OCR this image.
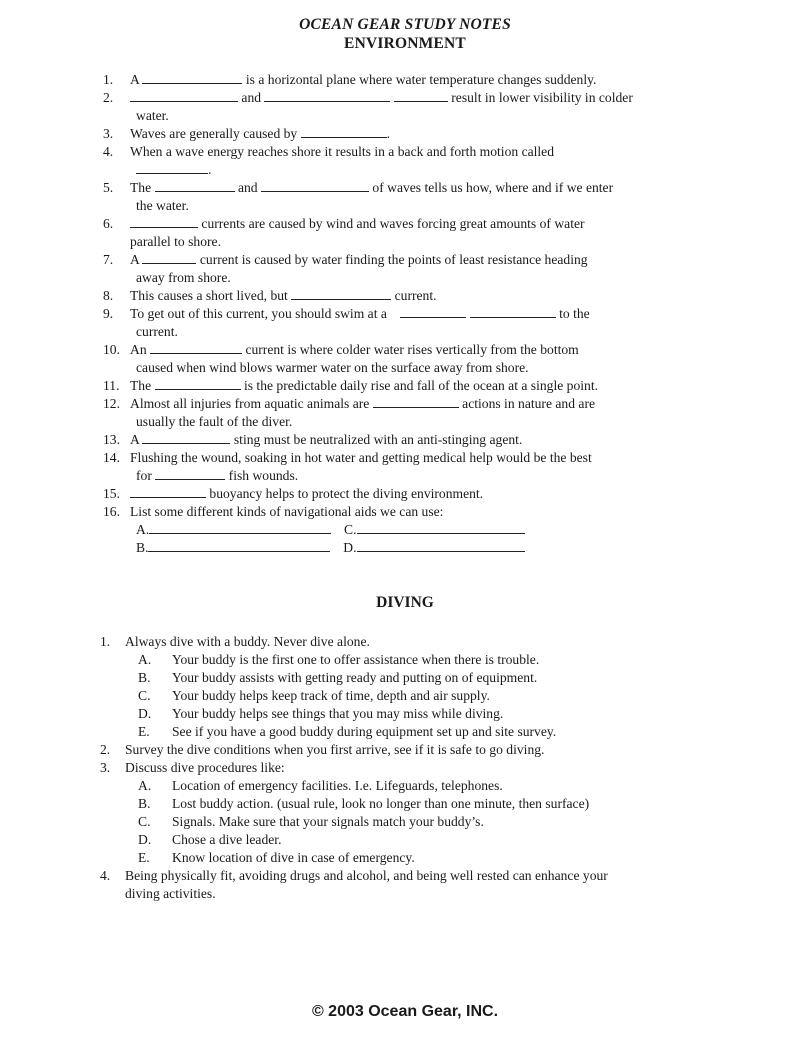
OCEAN GEAR STUDY NOTES
ENVIRONMENT
1. A	is a horizontal plane where water temperature changes suddenly.
2.	and	result in lower visibility in colder
water.
3. Waves are generally caused by	.
4. When a wave energy reaches shore it results in a back and forth motion called
.
5. The	and	of waves tells us how, where and if we enter
the water.
6.	currents are caused by wind and waves forcing great amounts of water
parallel to shore.
7. A	current is caused by water finding the points of least resistance heading
away from shore.
8. This causes a short lived, but	current.
9. To get out of this current, you should swim at a	to the
current.
10. An	current is where colder water rises vertically from the bottom
caused when wind blows warmer water on the surface away from shore.
11. The	is the predictable daily rise and fall of the ocean at a single point.
12. Almost all injuries from aquatic animals are	actions in nature and are
usually the fault of the diver.
13. A	sting must be neutralized with an anti-stinging agent.
14. Flushing the wound, soaking in hot water and getting medical help would be the best
for	fish wounds.
15.	buoyancy helps to protect the diving environment.
16. List some different kinds of navigational aids we can use:
A.	C.
B.	D.
DIVING
1. Always dive with a buddy. Never dive alone.
A. Your buddy is the first one to offer assistance when there is trouble.
B. Your buddy assists with getting ready and putting on of equipment.
C. Your buddy helps keep track of time, depth and air supply.
D. Your buddy helps see things that you may miss while diving.
E. See if you have a good buddy during equipment set up and site survey.
2. Survey the dive conditions when you first arrive, see if it is safe to go diving.
3. Discuss dive procedures like:
A. Location of emergency facilities. I.e. Lifeguards, telephones.
B. Lost buddy action. (usual rule, look no longer than one minute, then surface)
C. Signals. Make sure that your signals match your buddy’s.
D. Chose a dive leader.
E. Know location of dive in case of emergency.
4. Being physically fit, avoiding drugs and alcohol, and being well rested can enhance your
diving activities.
© 2003 Ocean Gear, INC.
